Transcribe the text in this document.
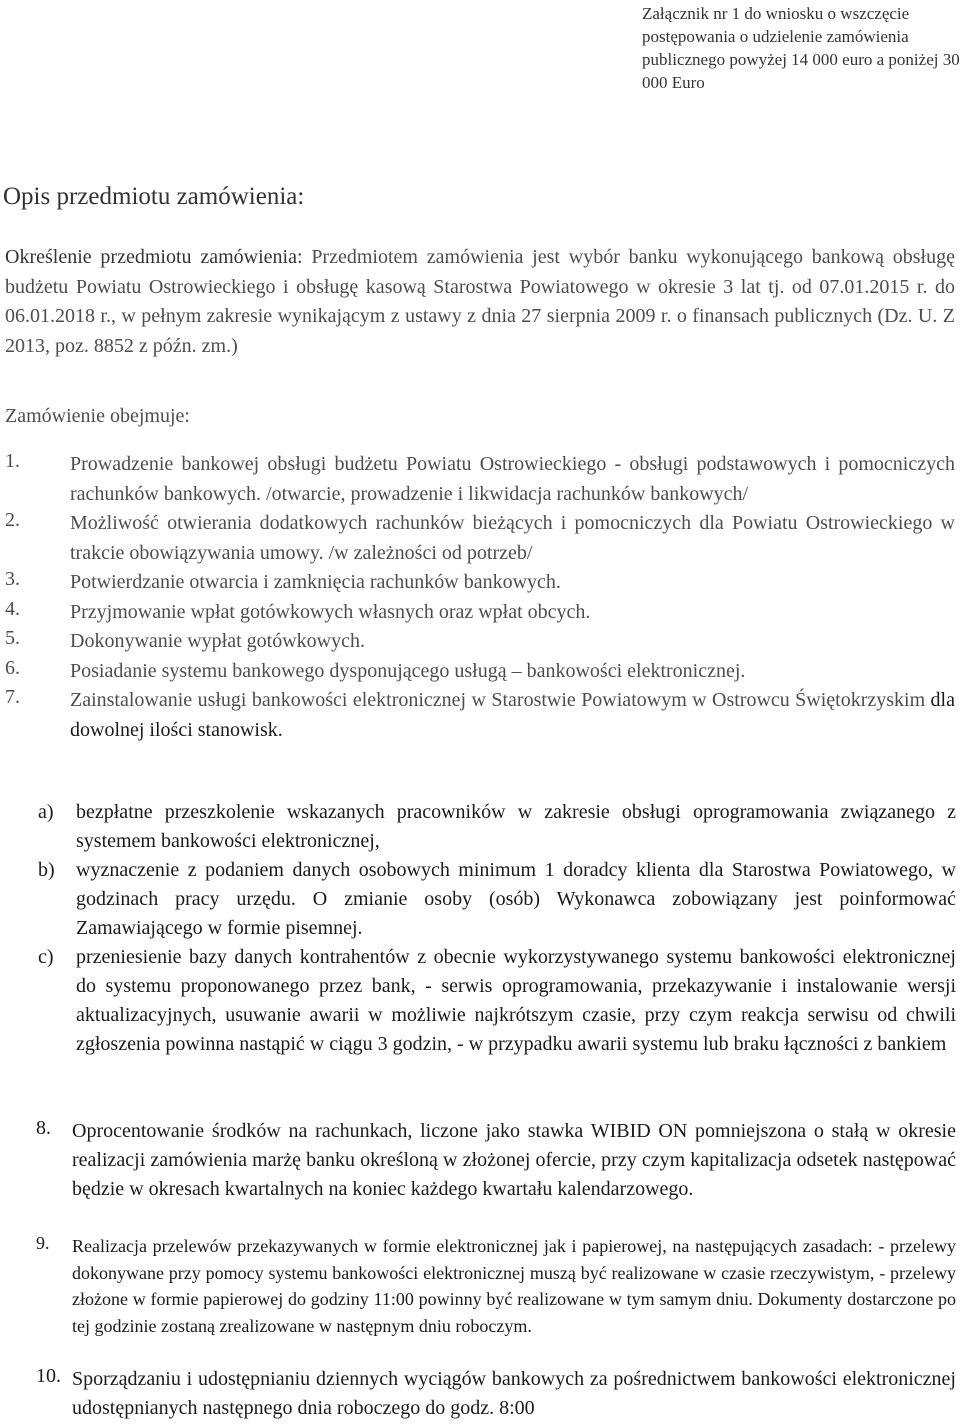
Załącznik nr 1 do wniosku o wszczęcie postępowania o udzielenie zamówienia publicznego powyżej 14 000 euro a poniżej 30 000 Euro
Opis przedmiotu zamówienia:
Określenie przedmiotu zamówienia: Przedmiotem zamówienia jest wybór banku wykonującego bankową obsługę budżetu Powiatu Ostrowieckiego i obsługę kasową Starostwa Powiatowego w okresie 3 lat tj. od 07.01.2015 r. do 06.01.2018 r., w pełnym zakresie wynikającym z ustawy z dnia 27 sierpnia 2009 r. o finansach publicznych (Dz. U. Z 2013, poz. 8852 z późn. zm.)
Zamówienie obejmuje:
1.	Prowadzenie bankowej obsługi budżetu Powiatu Ostrowieckiego - obsługi podstawowych i pomocniczych rachunków bankowych. /otwarcie, prowadzenie i likwidacja rachunków bankowych/
2.	Możliwość otwierania dodatkowych rachunków bieżących i pomocniczych dla Powiatu Ostrowieckiego w trakcie obowiązywania umowy. /w zależności od potrzeb/
3.	Potwierdzanie otwarcia i zamknięcia rachunków bankowych.
4.	Przyjmowanie wpłat gotówkowych własnych oraz wpłat obcych.
5.	Dokonywanie wypłat gotówkowych.
6.	Posiadanie systemu bankowego dysponującego usługą – bankowości elektronicznej.
7.	Zainstalowanie usługi bankowości elektronicznej w Starostwie Powiatowym w Ostrowcu Świętokrzyskim dla dowolnej ilości stanowisk.
a)	bezpłatne przeszkolenie wskazanych pracowników w zakresie obsługi oprogramowania związanego z systemem bankowości elektronicznej,
b)	wyznaczenie z podaniem danych osobowych minimum 1 doradcy klienta dla Starostwa Powiatowego, w godzinach pracy urzędu. O zmianie osoby (osób) Wykonawca zobowiązany jest poinformować Zamawiającego w formie pisemnej.
c)	przeniesienie bazy danych kontrahentów z obecnie wykorzystywanego systemu bankowości elektronicznej do systemu proponowanego przez bank, - serwis oprogramowania, przekazywanie i instalowanie wersji aktualizacyjnych, usuwanie awarii w możliwie najkrótszym czasie, przy czym reakcja serwisu od chwili zgłoszenia powinna nastąpić w ciągu 3 godzin, - w przypadku awarii systemu lub braku łączności z bankiem
8.	Oprocentowanie środków na rachunkach, liczone jako stawka WIBID ON pomniejszona o stałą w okresie realizacji zamówienia marżę banku określoną w złożonej ofercie, przy czym kapitalizacja odsetek następować będzie w okresach kwartalnych na koniec każdego kwartału kalendarzowego.
9.	Realizacja przelewów przekazywanych w formie elektronicznej jak i papierowej, na następujących zasadach: - przelewy dokonywane przy pomocy systemu bankowości elektronicznej muszą być realizowane w czasie rzeczywistym, - przelewy złożone w formie papierowej do godziny 11:00 powinny być realizowane w tym samym dniu. Dokumenty dostarczone po tej godzinie zostaną zrealizowane w następnym dniu roboczym.
10. Sporządzaniu i udostępnianiu dziennych wyciągów bankowych za pośrednictwem bankowości elektronicznej udostępnianych następnego dnia roboczego do godz. 8:00
